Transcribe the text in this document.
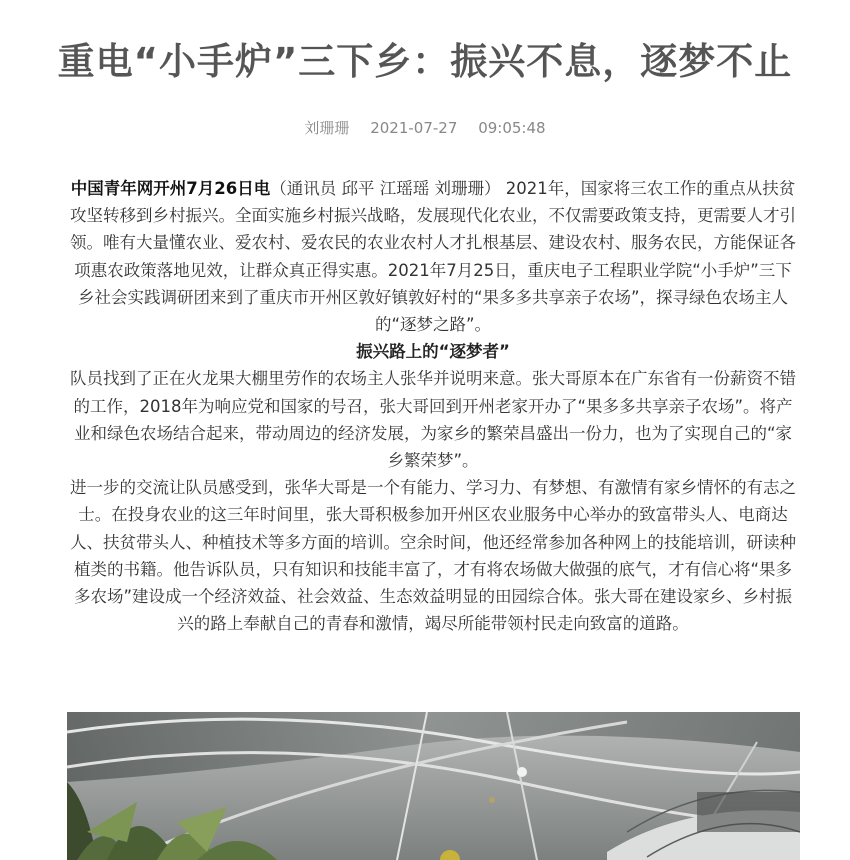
重电“小手炉”三下乡：振兴不息，逐梦不止
刘珊珊 2021-07-27 09:05:48

中国青年网开州7月26日电（通讯员 邱平 江瑶瑶 刘珊珊） 2021年，国家将三农工作的重点从扶贫攻坚转移到乡村振兴。全面实施乡村振兴战略，发展现代化农业，不仅需要政策支持，更需要人才引领。唯有大量懂农业、爱农村、爱农民的农业农村人才扎根基层、建设农村、服务农民，方能保证各项惠农政策落地见效，让群众真正得实惠。2021年7月25日，重庆电子工程职业学院“小手炉”三下乡社会实践调研团来到了重庆市开州区敦好镇敦好村的“果多多共享亲子农场”，探寻绿色农场主人的“逐梦之路”。

振兴路上的“逐梦者”

队员找到了正在火龙果大棚里劳作的农场主人张华并说明来意。张大哥原本在广东省有一份薪资不错的工作，2018年为响应党和国家的号召，张大哥回到开州老家开办了“果多多共享亲子农场”。将产业和绿色农场结合起来，带动周边的经济发展，为家乡的繁荣昌盛出一份力，也为了实现自己的“家乡繁荣梦”。

进一步的交流让队员感受到，张华大哥是一个有能力、学习力、有梦想、有激情有家乡情怀的有志之士。在投身农业的这三年时间里，张大哥积极参加开州区农业服务中心举办的致富带头人、电商达人、扶贫带头人、种植技术等多方面的培训。空余时间，他还经常参加各种网上的技能培训，研读种植类的书籍。他告诉队员，只有知识和技能丰富了，才有将农场做大做强的底气，才有信心将“果多多农场”建设成一个经济效益、社会效益、生态效益明显的田园综合体。张大哥在建设家乡、乡村振兴的路上奉献自己的青春和激情，竭尽所能带领村民走向致富的道路。
